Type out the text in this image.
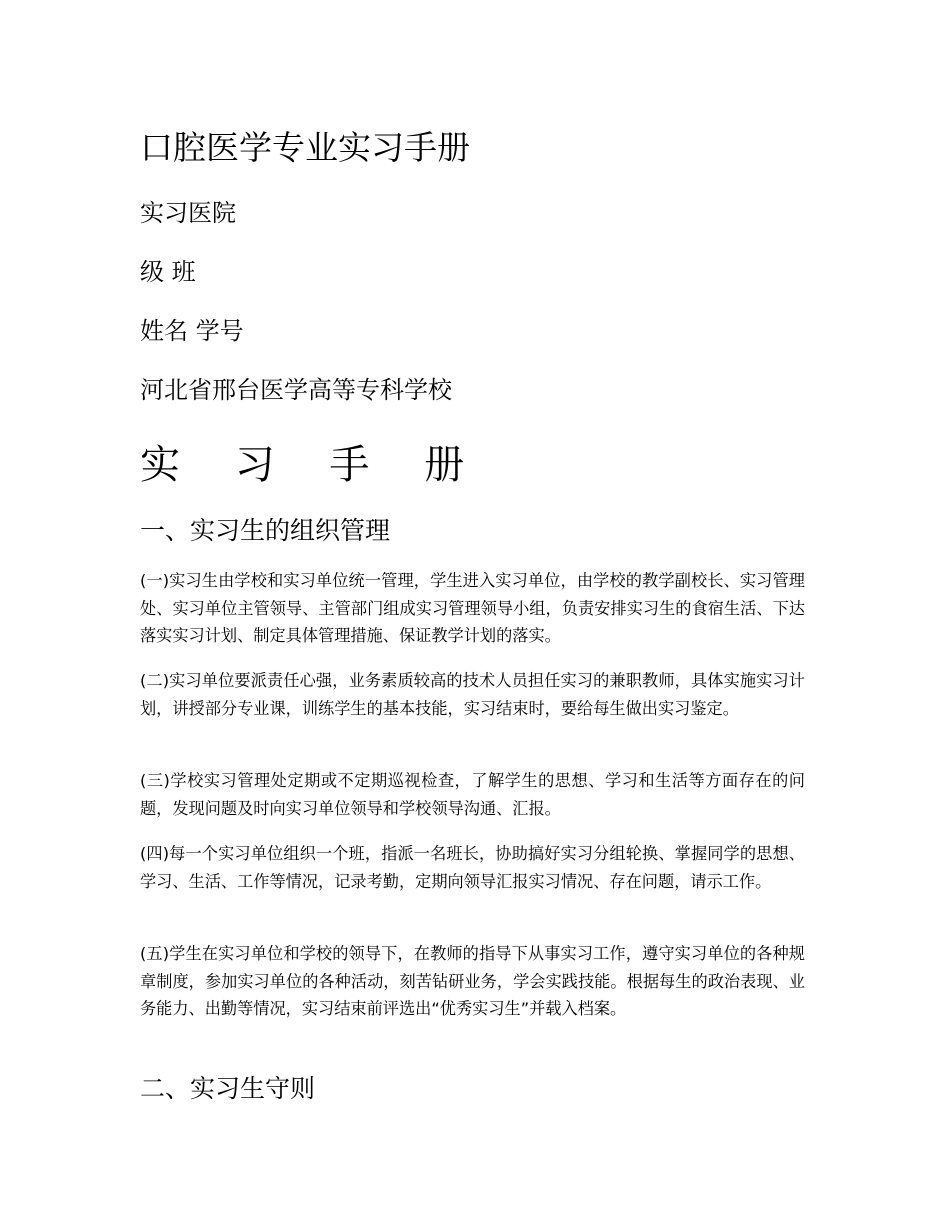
口腔医学专业实习手册
实习医院
级 班
姓名 学号
河北省邢台医学高等专科学校
实 习 手 册
一、实习生的组织管理

(一)实习生由学校和实习单位统一管理，学生进入实习单位，由学校的教学副校长、实习管理处、实习单位主管领导、主管部门组成实习管理领导小组，负责安排实习生的食宿生活、下达落实实习计划、制定具体管理措施、保证教学计划的落实。

(二)实习单位要派责任心强，业务素质较高的技术人员担任实习的兼职教师，具体实施实习计划，讲授部分专业课，训练学生的基本技能，实习结束时，要给每生做出实习鉴定。

(三)学校实习管理处定期或不定期巡视检查，了解学生的思想、学习和生活等方面存在的问题，发现问题及时向实习单位领导和学校领导沟通、汇报。

(四)每一个实习单位组织一个班，指派一名班长，协助搞好实习分组轮换、掌握同学的思想、学习、生活、工作等情况，记录考勤，定期向领导汇报实习情况、存在问题，请示工作。

(五)学生在实习单位和学校的领导下，在教师的指导下从事实习工作，遵守实习单位的各种规章制度，参加实习单位的各种活动，刻苦钻研业务，学会实践技能。根据每生的政治表现、业务能力、出勤等情况，实习结束前评选出“优秀实习生”并载入档案。

二、实习生守则
